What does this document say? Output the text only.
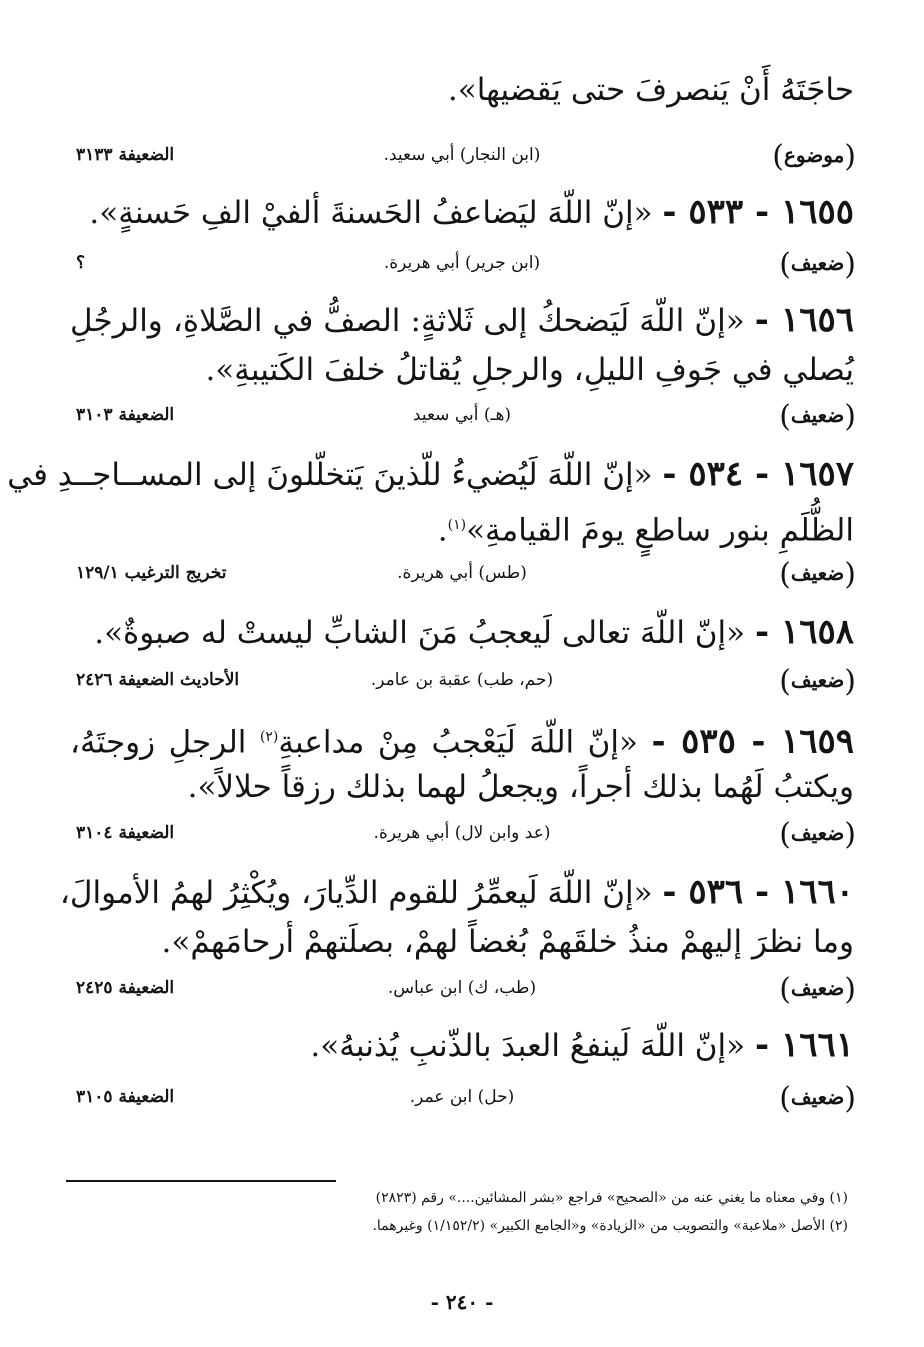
حاجَتَهُ أَنْ يَنصرفَ حتى يَقضيها».
(موضوع)
(ابن النجار) أبي سعيد.
الضعيفة ٣١٣٣
١٦٥٥ - ٥٣٣ - «إنّ اللّهَ ليَضاعفُ الحَسنةَ ألفيْ الفِ حَسنةٍ».
(ضعيف)
(ابن جرير) أبي هريرة.
؟
١٦٥٦ - «إنّ اللّهَ لَيَضحكُ إلى ثَلاثةٍ: الصفُّ في الصَّلاةِ، والرجُلِ
يُصلي في جَوفِ الليلِ، والرجلِ يُقاتلُ خلفَ الكَتيبةِ».
(ضعيف)
(هـ) أبي سعيد
الضعيفة ٣١٠٣
١٦٥٧ - ٥٣٤ - «إنّ اللّهَ لَيُضيءُ للّذينَ يَتخلّلونَ إلى المســاجــدِ في
الظُّلَمِ بنور ساطعٍ يومَ القيامةِ»$^{(١)}$.
(ضعيف)
(طس) أبي هريرة.
تخريج الترغيب ١٢٩/١
١٦٥٨ - «إنّ اللّهَ تعالى لَيعجبُ مَنَ الشابِّ ليستْ له صبوةٌ».
(ضعيف)
(حم، طب) عقبة بن عامر.
الأحاديث الضعيفة ٢٤٢٦
١٦٥٩ - ٥٣٥ - «إنّ اللّهَ لَيَعْجبُ مِنْ مداعبةِ$^{(٢)}$ الرجلِ زوجتَهُ،
ويكتبُ لَهُما بذلك أجراً، ويجعلُ لهما بذلك رزقاً حلالاً».
(ضعيف)
(عد وابن لال) أبي هريرة.
الضعيفة ٣١٠٤
١٦٦٠ - ٥٣٦ - «إنّ اللّهَ لَيعمِّرُ للقوم الدِّيارَ، ويُكْثِرُ لهمُ الأموالَ،
وما نظرَ إليهمْ منذُ خلقَهمْ بُغضاً لهمْ، بصلَتهمْ أرحامَهمْ».
(ضعيف)
(طب، ك) ابن عباس.
الضعيفة ٢٤٢٥
١٦٦١ - «إنّ اللّهَ لَينفعُ العبدَ بالذّنبِ يُذنبهُ».
(ضعيف)
(حل) ابن عمر.
الضعيفة ٣١٠٥
(١) وفي معناه ما يغني عنه من «الصحيح» فراجع «بشر المشائين....» رقم (٢٨٢٣)
(٢) الأصل «ملاعبة» والتصويب من «الزيادة» و«الجامع الكبير» (١/١٥٢/٢) وغيرهما.
- ٢٤٠ -
